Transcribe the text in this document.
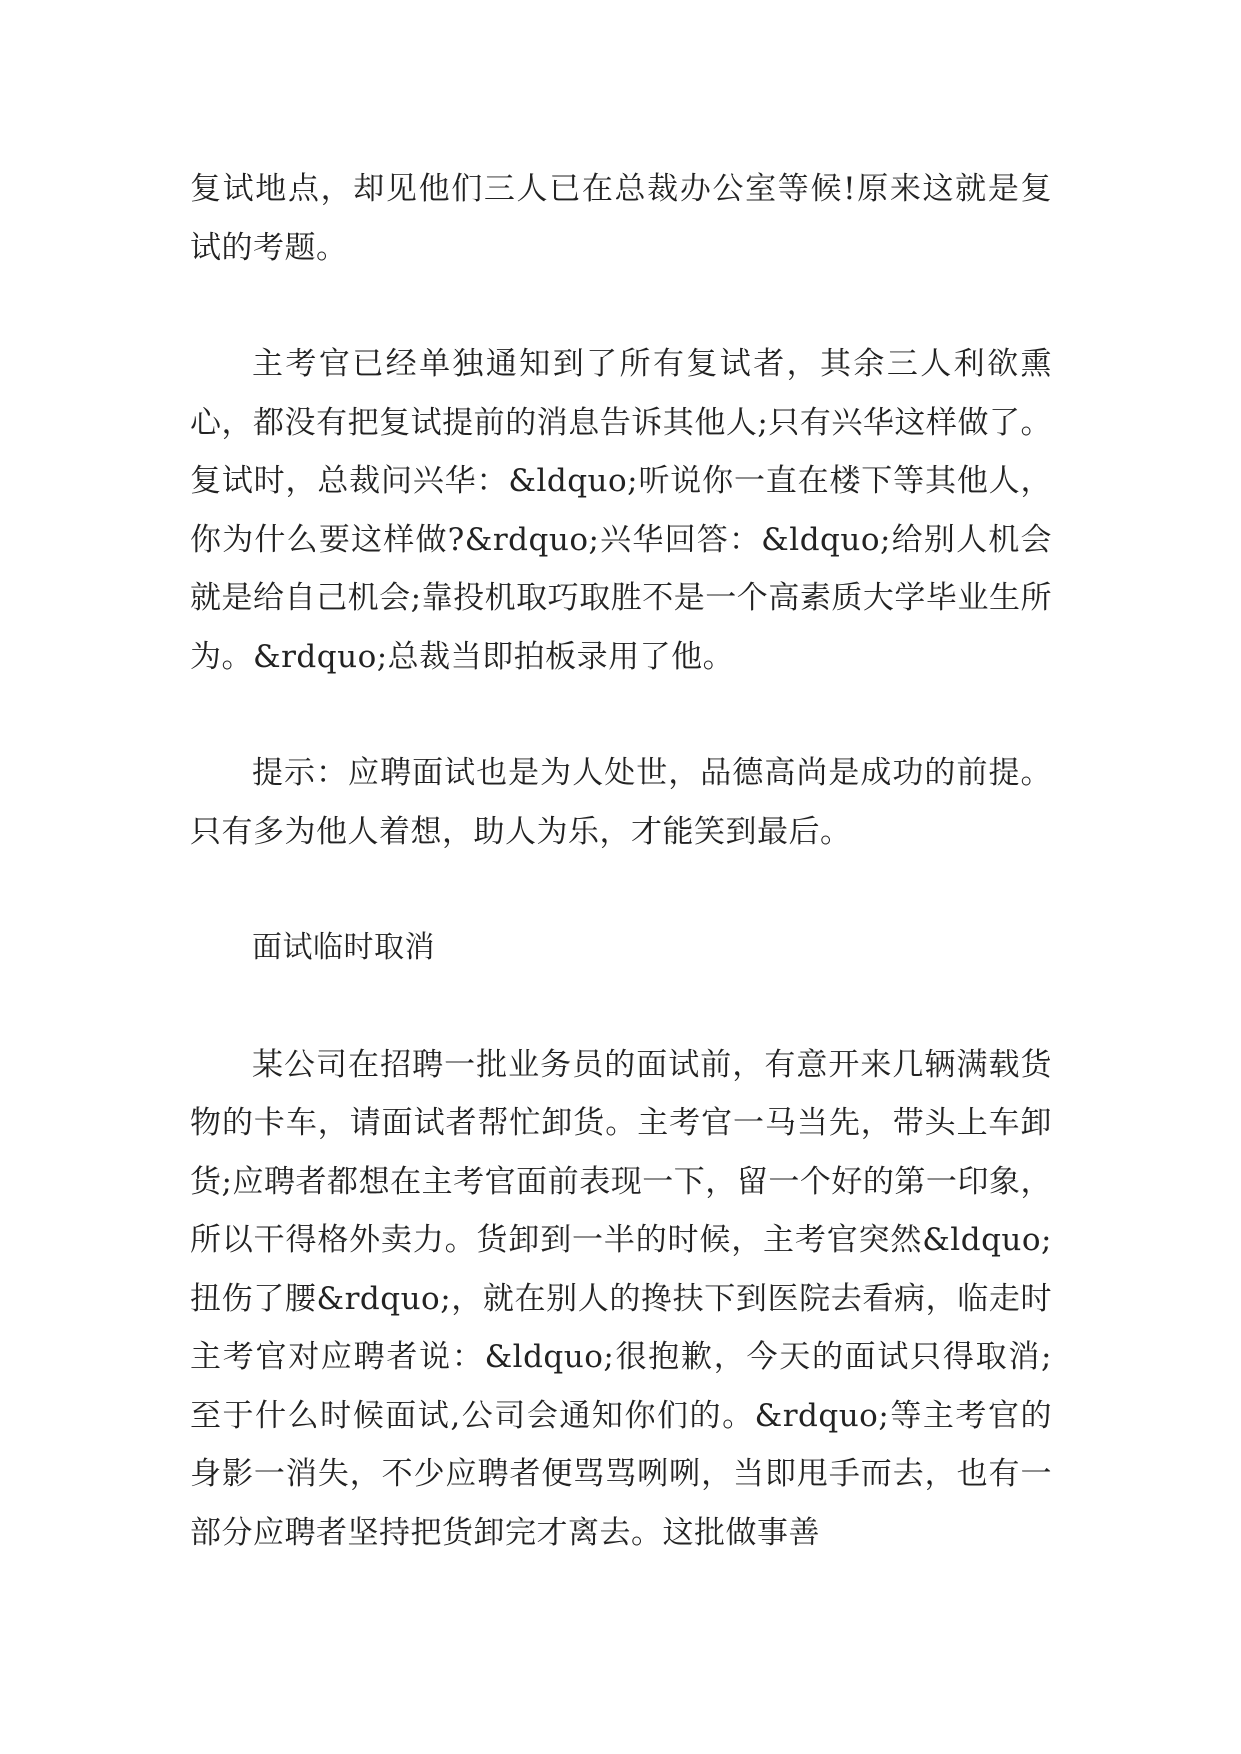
复试地点，却见他们三人已在总裁办公室等候!原来这就是复试的考题。

主考官已经单独通知到了所有复试者，其余三人利欲熏心，都没有把复试提前的消息告诉其他人;只有兴华这样做了。复试时，总裁问兴华：&ldquo;听说你一直在楼下等其他人，你为什么要这样做?&rdquo;兴华回答：&ldquo;给别人机会就是给自己机会;靠投机取巧取胜不是一个高素质大学毕业生所为。&rdquo;总裁当即拍板录用了他。

提示：应聘面试也是为人处世，品德高尚是成功的前提。只有多为他人着想，助人为乐，才能笑到最后。

面试临时取消

某公司在招聘一批业务员的面试前，有意开来几辆满载货物的卡车，请面试者帮忙卸货。主考官一马当先，带头上车卸货;应聘者都想在主考官面前表现一下，留一个好的第一印象，所以干得格外卖力。货卸到一半的时候，主考官突然&ldquo;扭伤了腰&rdquo;，就在别人的搀扶下到医院去看病，临走时主考官对应聘者说：&ldquo;很抱歉，今天的面试只得取消;至于什么时候面试,公司会通知你们的。&rdquo;等主考官的身影一消失，不少应聘者便骂骂咧咧，当即甩手而去，也有一部分应聘者坚持把货卸完才离去。这批做事善
